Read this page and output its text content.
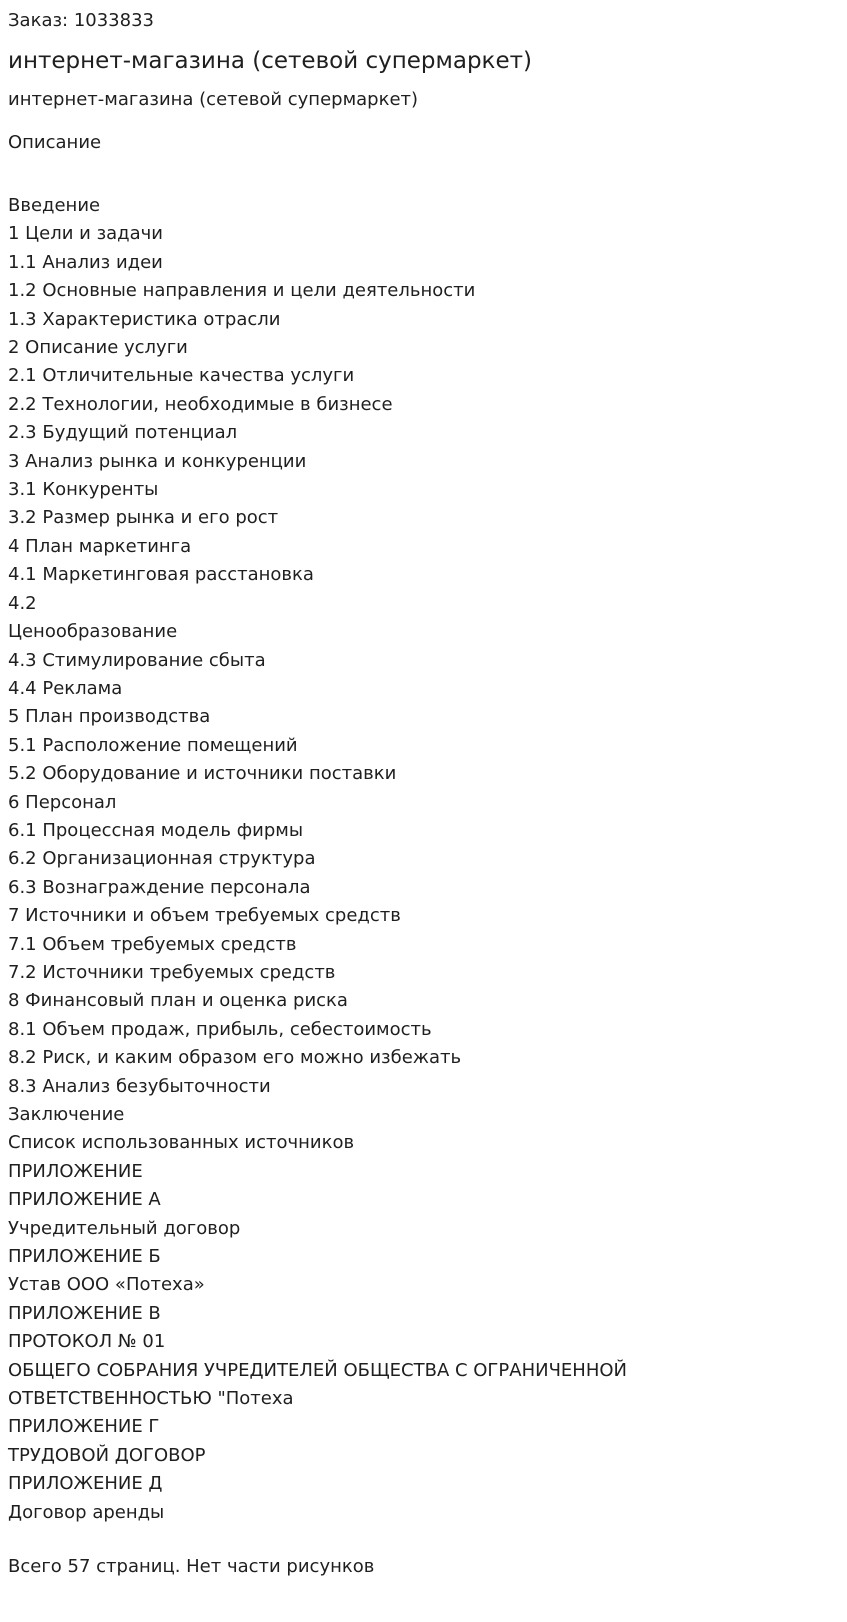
Заказ: 1033833

интернет-магазина (сетевой супермаркет)

интернет-магазина (сетевой супермаркет)

Описание
Введение
1 Цели и задачи
1.1 Анализ идеи
1.2 Основные направления и цели деятельности
1.3 Характеристика отрасли
2 Описание услуги
2.1 Отличительные качества услуги
2.2 Технологии, необходимые в бизнесе
2.3 Будущий потенциал
3 Анализ рынка и конкуренции
3.1 Конкуренты
3.2 Размер рынка и его рост
4 План маркетинга
4.1 Маркетинговая расстановка
4.2
Ценообразование
4.3 Стимулирование сбыта
4.4 Реклама
5 План производства
5.1 Расположение помещений
5.2 Оборудование и источники поставки
6 Персонал
6.1 Процессная модель фирмы
6.2 Организационная структура
6.3 Вознаграждение персонала
7 Источники и объем требуемых средств
7.1 Объем требуемых средств
7.2 Источники требуемых средств
8 Финансовый план и оценка риска
8.1 Объем продаж, прибыль, себестоимость
8.2 Риск, и каким образом его можно избежать
8.3 Анализ безубыточности
Заключение
Список использованных источников
ПРИЛОЖЕНИЕ
ПРИЛОЖЕНИЕ А
Учредительный договор
ПРИЛОЖЕНИЕ Б
Устав ООО «Потеха»
ПРИЛОЖЕНИЕ В
ПРОТОКОЛ № 01
ОБЩЕГО СОБРАНИЯ УЧРЕДИТЕЛЕЙ ОБЩЕСТВА С ОГРАНИЧЕННОЙ
ОТВЕТСТВЕННОСТЬЮ "Потеха
ПРИЛОЖЕНИЕ Г
ТРУДОВОЙ ДОГОВОР
ПРИЛОЖЕНИЕ Д
Договор аренды

Всего 57 страниц. Нет части рисунков
